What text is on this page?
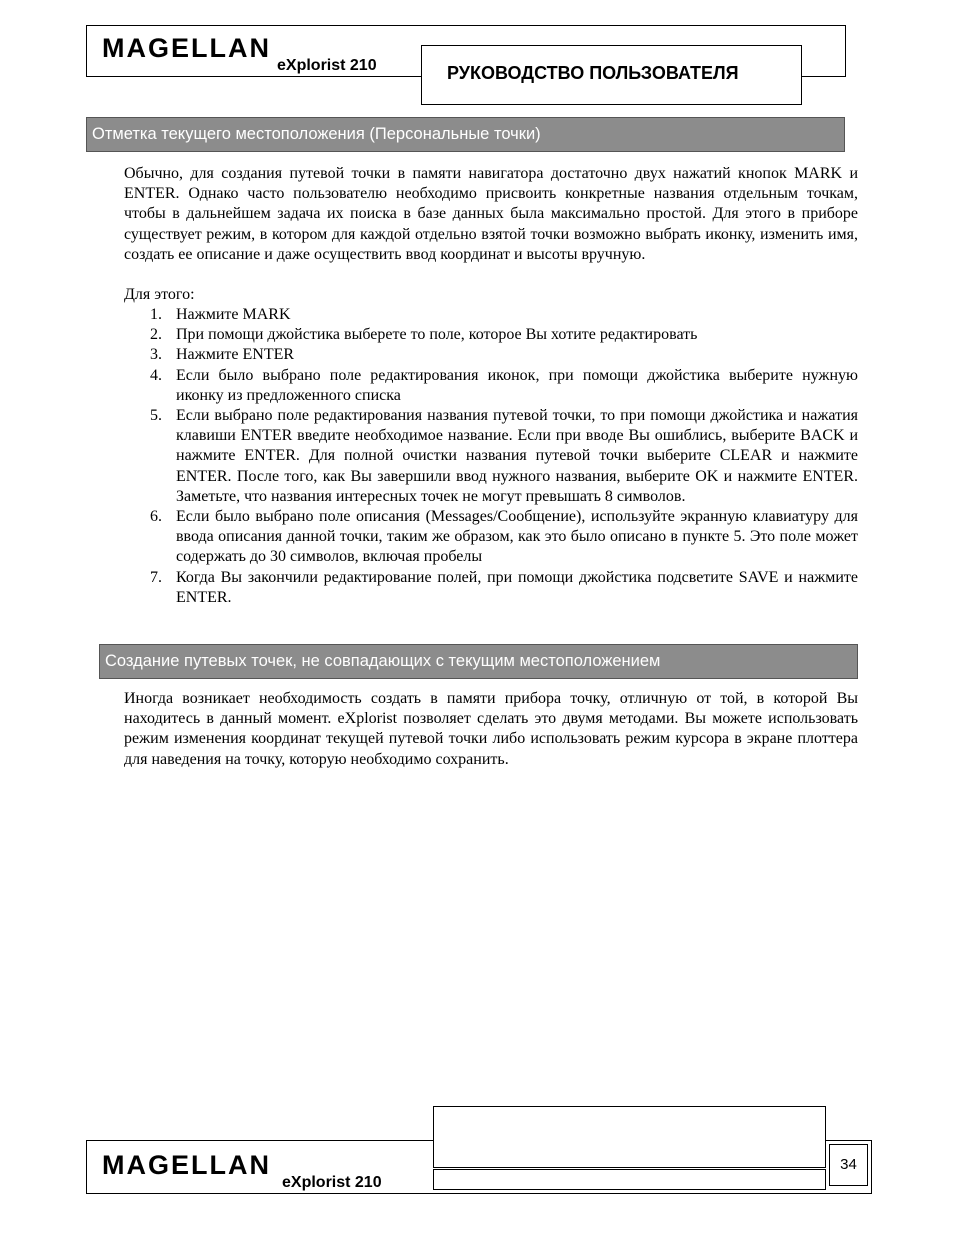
MAGELLAN
eXplorist 210	РУКОВОДСТВО ПОЛЬЗОВАТЕЛЯ
Отметка текущего местоположения (Персональные точки)

Обычно, для создания путевой точки в памяти навигатора достаточно двух нажатий кнопок MARK и ENTER. Однако часто пользователю необходимо присвоить конкретные названия отдельным точкам, чтобы в дальнейшем задача их поиска в базе данных была максимально простой. Для этого в приборе существует режим, в котором для каждой отдельно взятой точки возможно выбрать иконку, изменить имя, создать ее описание и даже осуществить ввод координат и высоты вручную.

Для этого:

1. Нажмите MARK
2. При помощи джойстика выберете то поле, которое Вы хотите редактировать
3. Нажмите ENTER
4. Если было выбрано поле редактирования иконок, при помощи джойстика выберите нужную иконку из предложенного списка
5. Если выбрано поле редактирования названия путевой точки, то при помощи джойстика и нажатия клавиши ENTER введите необходимое название. Если при вводе Вы ошиблись, выберите BACK и нажмите ENTER. Для полной очистки названия путевой точки выберите CLEAR и нажмите ENTER. После того, как Вы завершили ввод нужного названия, выберите OK и нажмите ENTER. Заметьте, что названия интересных точек не могут превышать 8 символов.
6. Если было выбрано поле описания (Messages/Сообщение), используйте экранную клавиатуру для ввода описания данной точки, таким же образом, как это было описано в пункте 5. Это поле может содержать до 30 символов, включая пробелы
7. Когда Вы закончили редактирование полей, при помощи джойстика подсветите SAVE и нажмите ENTER.
Создание путевых точек, не совпадающих с текущим местоположением

Иногда возникает необходимость создать в памяти прибора точку, отличную от той, в которой Вы находитесь в данный момент. eXplorist позволяет сделать это двумя методами. Вы можете использовать режим изменения координат текущей путевой точки либо использовать режим курсора в экране плоттера для наведения на точку, которую необходимо сохранить.

MAGELLAN
eXplorist 210
34
